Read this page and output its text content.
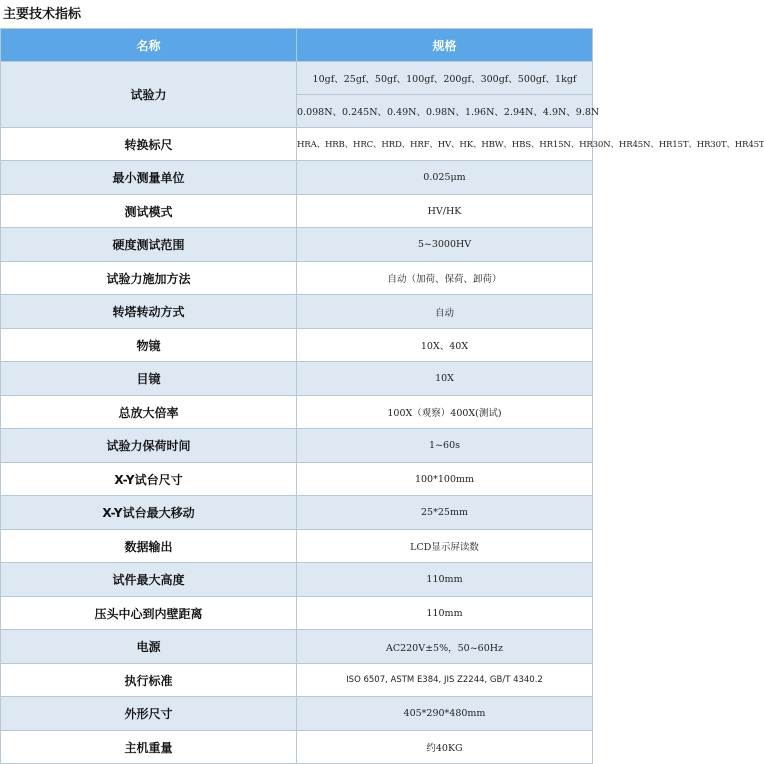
主要技术指标
名称	规格
试验力	10gf、25gf、50gf、100gf、200gf、300gf、500gf、1kgf
	0.098N、0.245N、0.49N、0.98N、1.96N、2.94N、4.9N、9.8N
转换标尺	HRA、HRB、HRC、HRD、HRF、HV、HK、HBW、HBS、HR15N、HR30N、HR45N、HR15T、HR30T、HR45T
最小测量单位	0.025μm
测试模式	HV/HK
硬度测试范围	5~3000HV
试验力施加方法	自动（加荷、保荷、卸荷）
转塔转动方式	自动
物镜	10X、40X
目镜	10X
总放大倍率	100X（观察）400X(测试)
试验力保荷时间	1~60s
X-Y试台尺寸	100*100mm
X-Y试台最大移动	25*25mm
数据输出	LCD显示屏读数
试件最大高度	110mm
压头中心到内壁距离	110mm
电源	AC220V±5%，50~60Hz
执行标准	ISO 6507, ASTM E384, JIS Z2244, GB/T 4340.2
外形尺寸	405*290*480mm
主机重量	约40KG
